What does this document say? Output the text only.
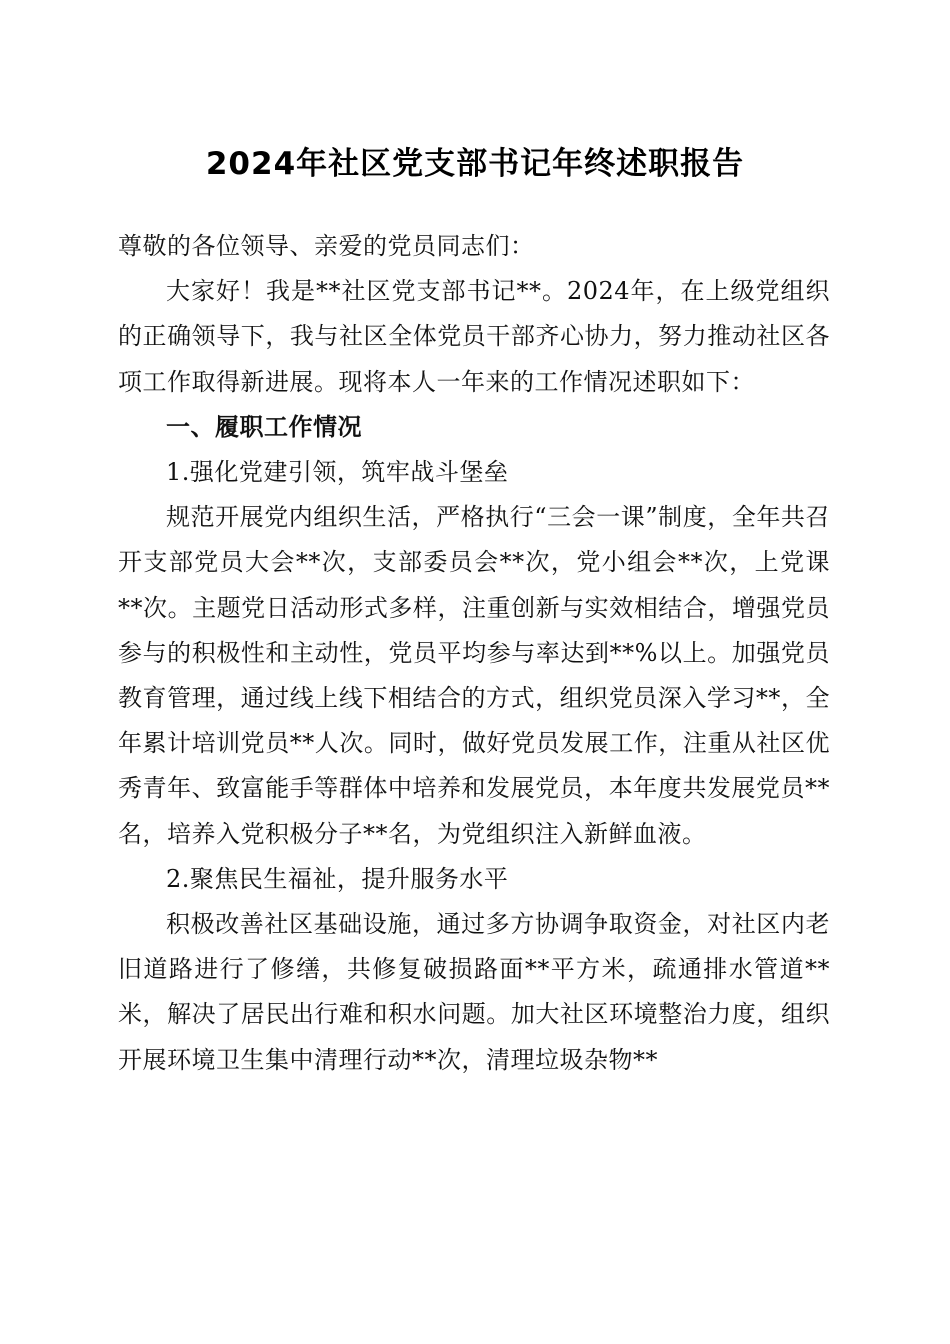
2024年社区党支部书记年终述职报告

尊敬的各位领导、亲爱的党员同志们：

大家好！我是**社区党支部书记**。2024年，在上级党组织的正确领导下，我与社区全体党员干部齐心协力，努力推动社区各项工作取得新进展。现将本人一年来的工作情况述职如下：

一、履职工作情况

1.强化党建引领，筑牢战斗堡垒

规范开展党内组织生活，严格执行“三会一课”制度，全年共召开支部党员大会**次，支部委员会**次，党小组会**次，上党课**次。主题党日活动形式多样，注重创新与实效相结合，增强党员参与的积极性和主动性，党员平均参与率达到**%以上。加强党员教育管理，通过线上线下相结合的方式，组织党员深入学习**，全年累计培训党员**人次。同时，做好党员发展工作，注重从社区优秀青年、致富能手等群体中培养和发展党员，本年度共发展党员**名，培养入党积极分子**名，为党组织注入新鲜血液。

2.聚焦民生福祉，提升服务水平

积极改善社区基础设施，通过多方协调争取资金，对社区内老旧道路进行了修缮，共修复破损路面**平方米，疏通排水管道**米，解决了居民出行难和积水问题。加大社区环境整治力度，组织开展环境卫生集中清理行动**次，清理垃圾杂物**
